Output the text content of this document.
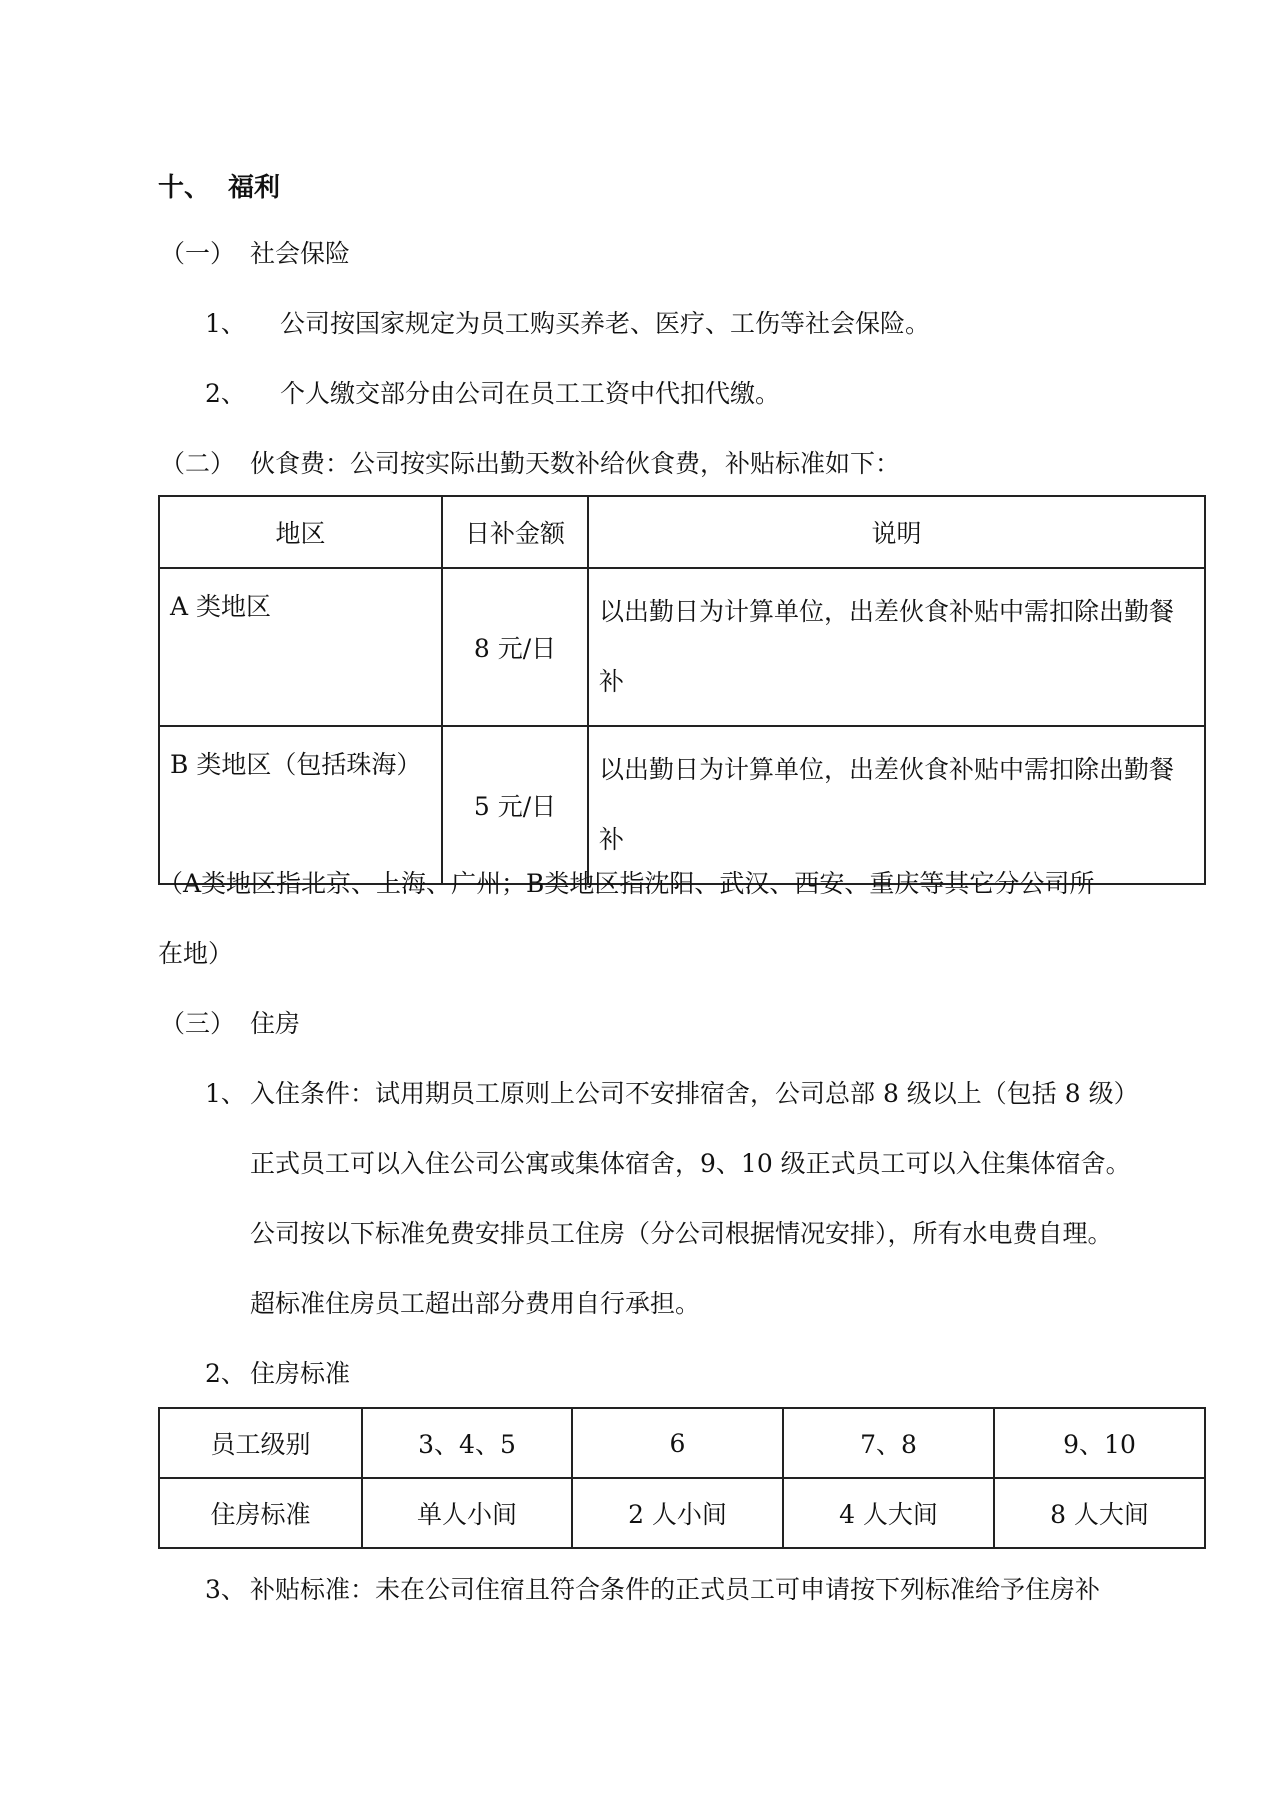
十、 福利
（一） 社会保险
1、 公司按国家规定为员工购买养老、医疗、工伤等社会保险。
2、 个人缴交部分由公司在员工工资中代扣代缴。
（二） 伙食费：公司按实际出勤天数补给伙食费，补贴标准如下：
地区	日补金额	说明
A 类地区	8 元/日	以出勤日为计算单位，出差伙食补贴中需扣除出勤餐补
B 类地区（包括珠海）	5 元/日	以出勤日为计算单位，出差伙食补贴中需扣除出勤餐补
（A类地区指北京、上海、广州；B类地区指沈阳、武汉、西安、重庆等其它分公司所
在地）
（三） 住房
1、 入住条件：试用期员工原则上公司不安排宿舍，公司总部 8 级以上（包括 8 级）
正式员工可以入住公司公寓或集体宿舍，9、10 级正式员工可以入住集体宿舍。
公司按以下标准免费安排员工住房（分公司根据情况安排），所有水电费自理。
超标准住房员工超出部分费用自行承担。
2、 住房标准
员工级别	3、4、5	6	7、8	9、10
住房标准	单人小间	2 人小间	4 人大间	8 人大间
3、 补贴标准：未在公司住宿且符合条件的正式员工可申请按下列标准给予住房补
